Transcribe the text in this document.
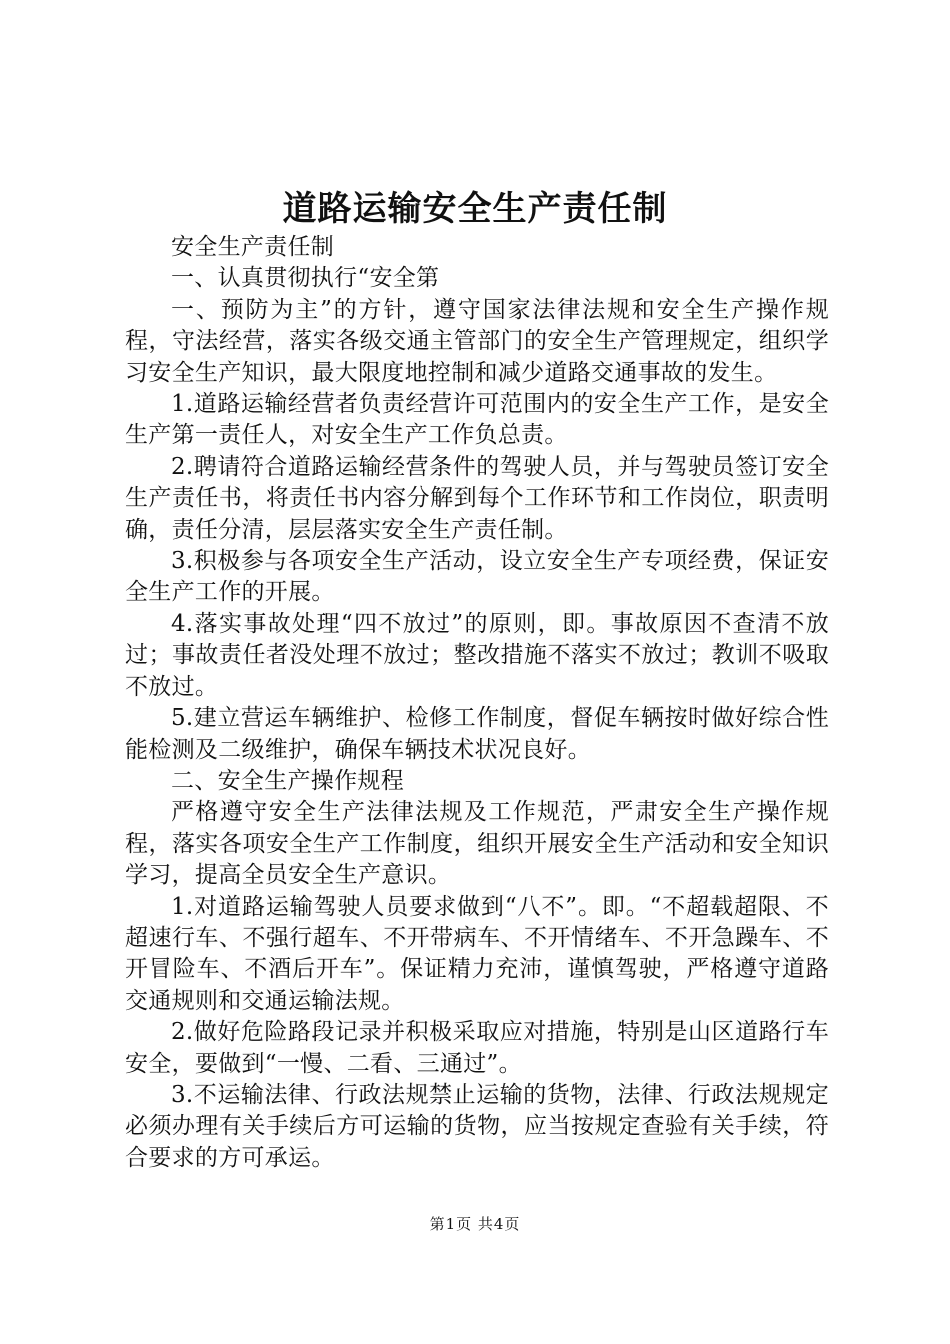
道路运输安全生产责任制

安全生产责任制

一、认真贯彻执行“安全第

一、预防为主”的方针，遵守国家法律法规和安全生产操作规程，守法经营，落实各级交通主管部门的安全生产管理规定，组织学习安全生产知识，最大限度地控制和减少道路交通事故的发生。

1.道路运输经营者负责经营许可范围内的安全生产工作，是安全生产第一责任人，对安全生产工作负总责。

2.聘请符合道路运输经营条件的驾驶人员，并与驾驶员签订安全生产责任书，将责任书内容分解到每个工作环节和工作岗位，职责明确，责任分清，层层落实安全生产责任制。

3.积极参与各项安全生产活动，设立安全生产专项经费，保证安全生产工作的开展。

4.落实事故处理“四不放过”的原则，即。事故原因不查清不放过；事故责任者没处理不放过；整改措施不落实不放过；教训不吸取不放过。

5.建立营运车辆维护、检修工作制度，督促车辆按时做好综合性能检测及二级维护，确保车辆技术状况良好。

二、安全生产操作规程

严格遵守安全生产法律法规及工作规范，严肃安全生产操作规程，落实各项安全生产工作制度，组织开展安全生产活动和安全知识学习，提高全员安全生产意识。

1.对道路运输驾驶人员要求做到“八不”。即。“不超载超限、不超速行车、不强行超车、不开带病车、不开情绪车、不开急躁车、不开冒险车、不酒后开车”。保证精力充沛，谨慎驾驶，严格遵守道路交通规则和交通运输法规。

2.做好危险路段记录并积极采取应对措施，特别是山区道路行车安全，要做到“一慢、二看、三通过”。

3.不运输法律、行政法规禁止运输的货物，法律、行政法规规定必须办理有关手续后方可运输的货物，应当按规定查验有关手续，符合要求的方可承运。

第1页 共4页
